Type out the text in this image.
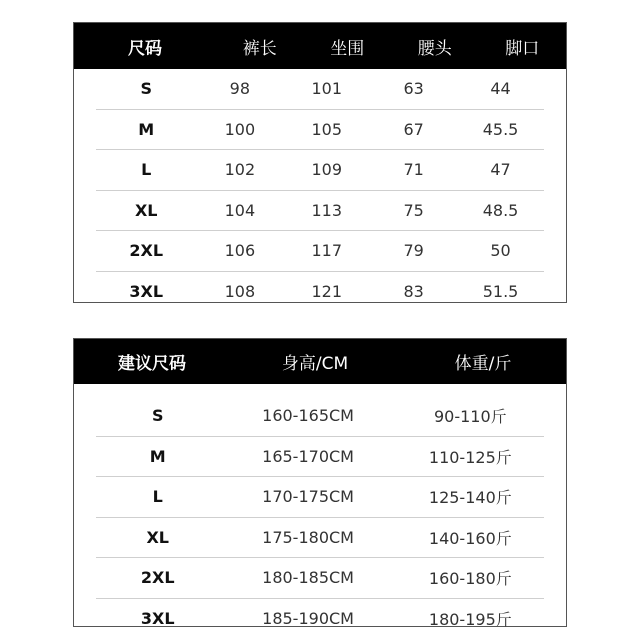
尺码	裤长	坐围	腰头	脚口
S	98	101	63	44
M	100	105	67	45.5
L	102	109	71	47
XL	104	113	75	48.5
2XL	106	117	79	50
3XL	108	121	83	51.5
建议尺码	身高/CM	体重/斤
S	160-165CM	90-110斤
M	165-170CM	110-125斤
L	170-175CM	125-140斤
XL	175-180CM	140-160斤
2XL	180-185CM	160-180斤
3XL	185-190CM	180-195斤
